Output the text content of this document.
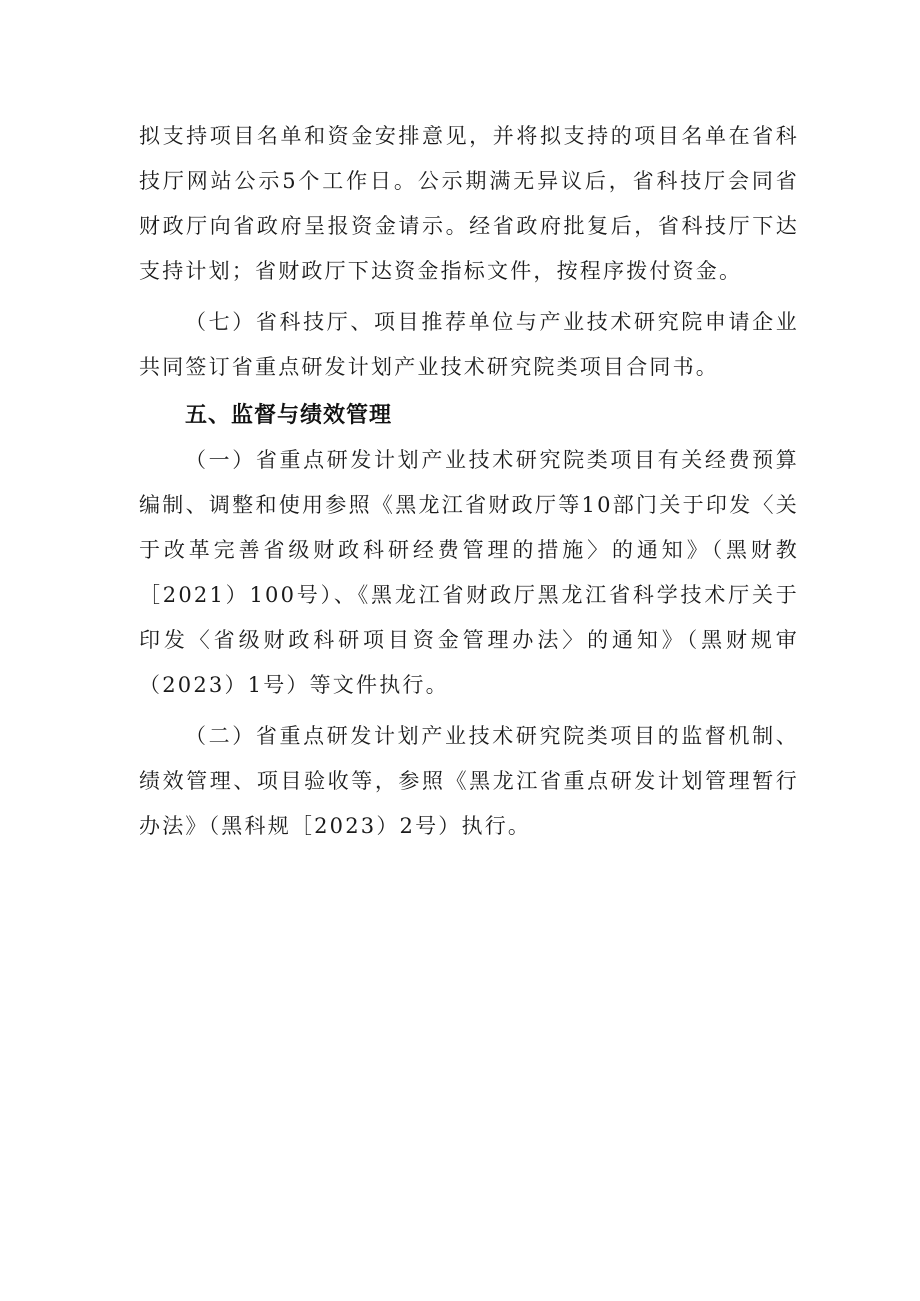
拟支持项目名单和资金安排意见，并将拟支持的项目名单在省科技厅网站公示5个工作日。公示期满无异议后，省科技厅会同省财政厅向省政府呈报资金请示。经省政府批复后，省科技厅下达支持计划；省财政厅下达资金指标文件，按程序拨付资金。

（七）省科技厅、项目推荐单位与产业技术研究院申请企业共同签订省重点研发计划产业技术研究院类项目合同书。

五、监督与绩效管理

（一）省重点研发计划产业技术研究院类项目有关经费预算编制、调整和使用参照《黑龙江省财政厅等10部门关于印发〈关于改革完善省级财政科研经费管理的措施〉的通知》（黑财教［2021）100号）、《黑龙江省财政厅黑龙江省科学技术厅关于印发〈省级财政科研项目资金管理办法〉的通知》（黑财规审（2023）1号）等文件执行。

（二）省重点研发计划产业技术研究院类项目的监督机制、绩效管理、项目验收等，参照《黑龙江省重点研发计划管理暂行办法》（黑科规［2023）2号）执行。
